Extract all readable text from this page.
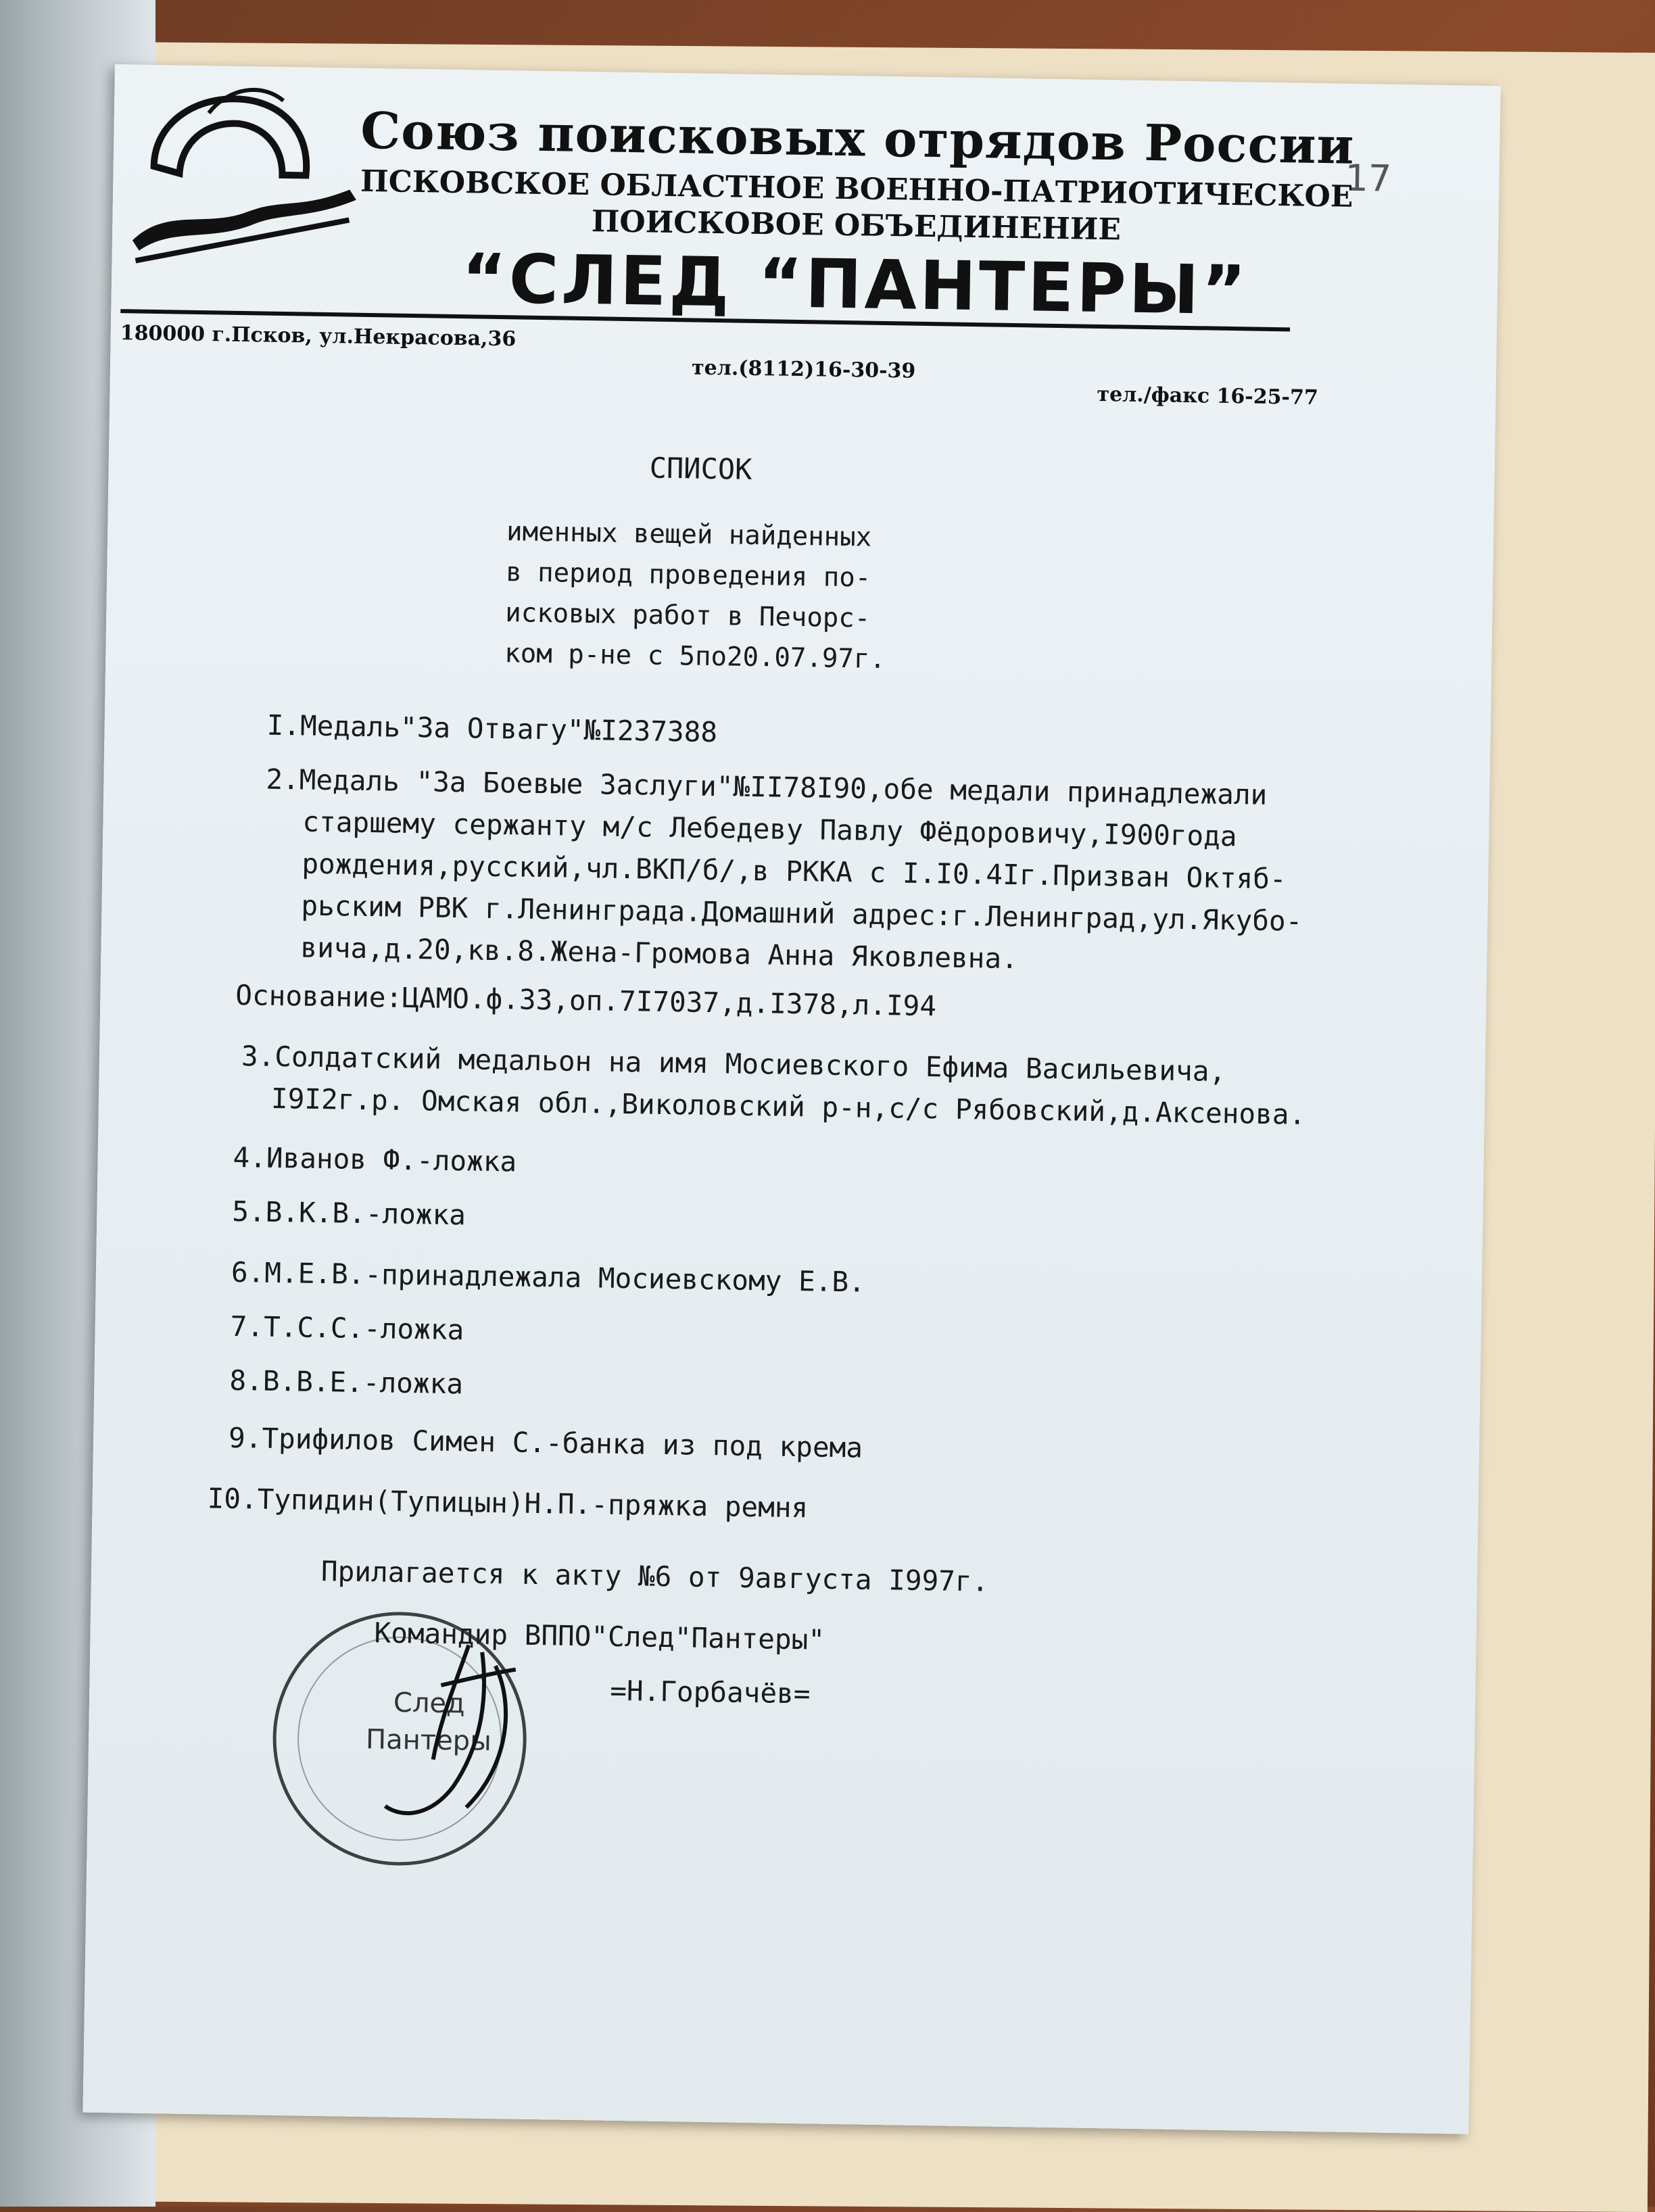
17
Союз поисковых отрядов России
ПСКОВСКОЕ ОБЛАСТНОЕ ВОЕННО-ПАТРИОТИЧЕСКОЕ
ПОИСКОВОЕ ОБЪЕДИНЕНИЕ
“СЛЕД “ПАНТЕРЫ”
180000 г.Псков, ул.Некрасова,36
тел.(8112)16-30-39
тел./факс 16-25-77
СПИСОК
именных вещей найденных
в период проведения по-
исковых работ в Печорс-
ком р-не с 5по20.07.97г.
I.Медаль"За Отвагу"№I237388
2.Медаль "За Боевые Заслуги"№II78I90,обе медали принадлежали
старшему сержанту м/с Лебедеву Павлу Фёдоровичу,I900года
рождения,русский,чл.ВКП/б/,в РККА с I.I0.4Iг.Призван Октяб-
рьским РВК г.Ленинграда.Домашний адрес:г.Ленинград,ул.Якубо-
вича,д.20,кв.8.Жена-Громова Анна Яковлевна.
Основание:ЦАМО.ф.33,оп.7I7037,д.I378,л.I94
3.Солдатский медальон на имя Мосиевского Ефима Васильевича,
I9I2г.р. Омская обл.,Виколовский р-н,с/с Рябовский,д.Аксенова.
4.Иванов Ф.-ложка
5.В.К.В.-ложка
6.М.Е.В.-принадлежала Мосиевскому Е.В.
7.Т.С.С.-ложка
8.В.В.Е.-ложка
9.Трифилов Симен С.-банка из под крема
I0.Тупидин(Тупицын)Н.П.-пряжка ремня
Прилагается к акту №6 от 9августа I997г.
Командир ВППО"След"Пантеры"
=Н.Горбачёв=
След
Пантеры
